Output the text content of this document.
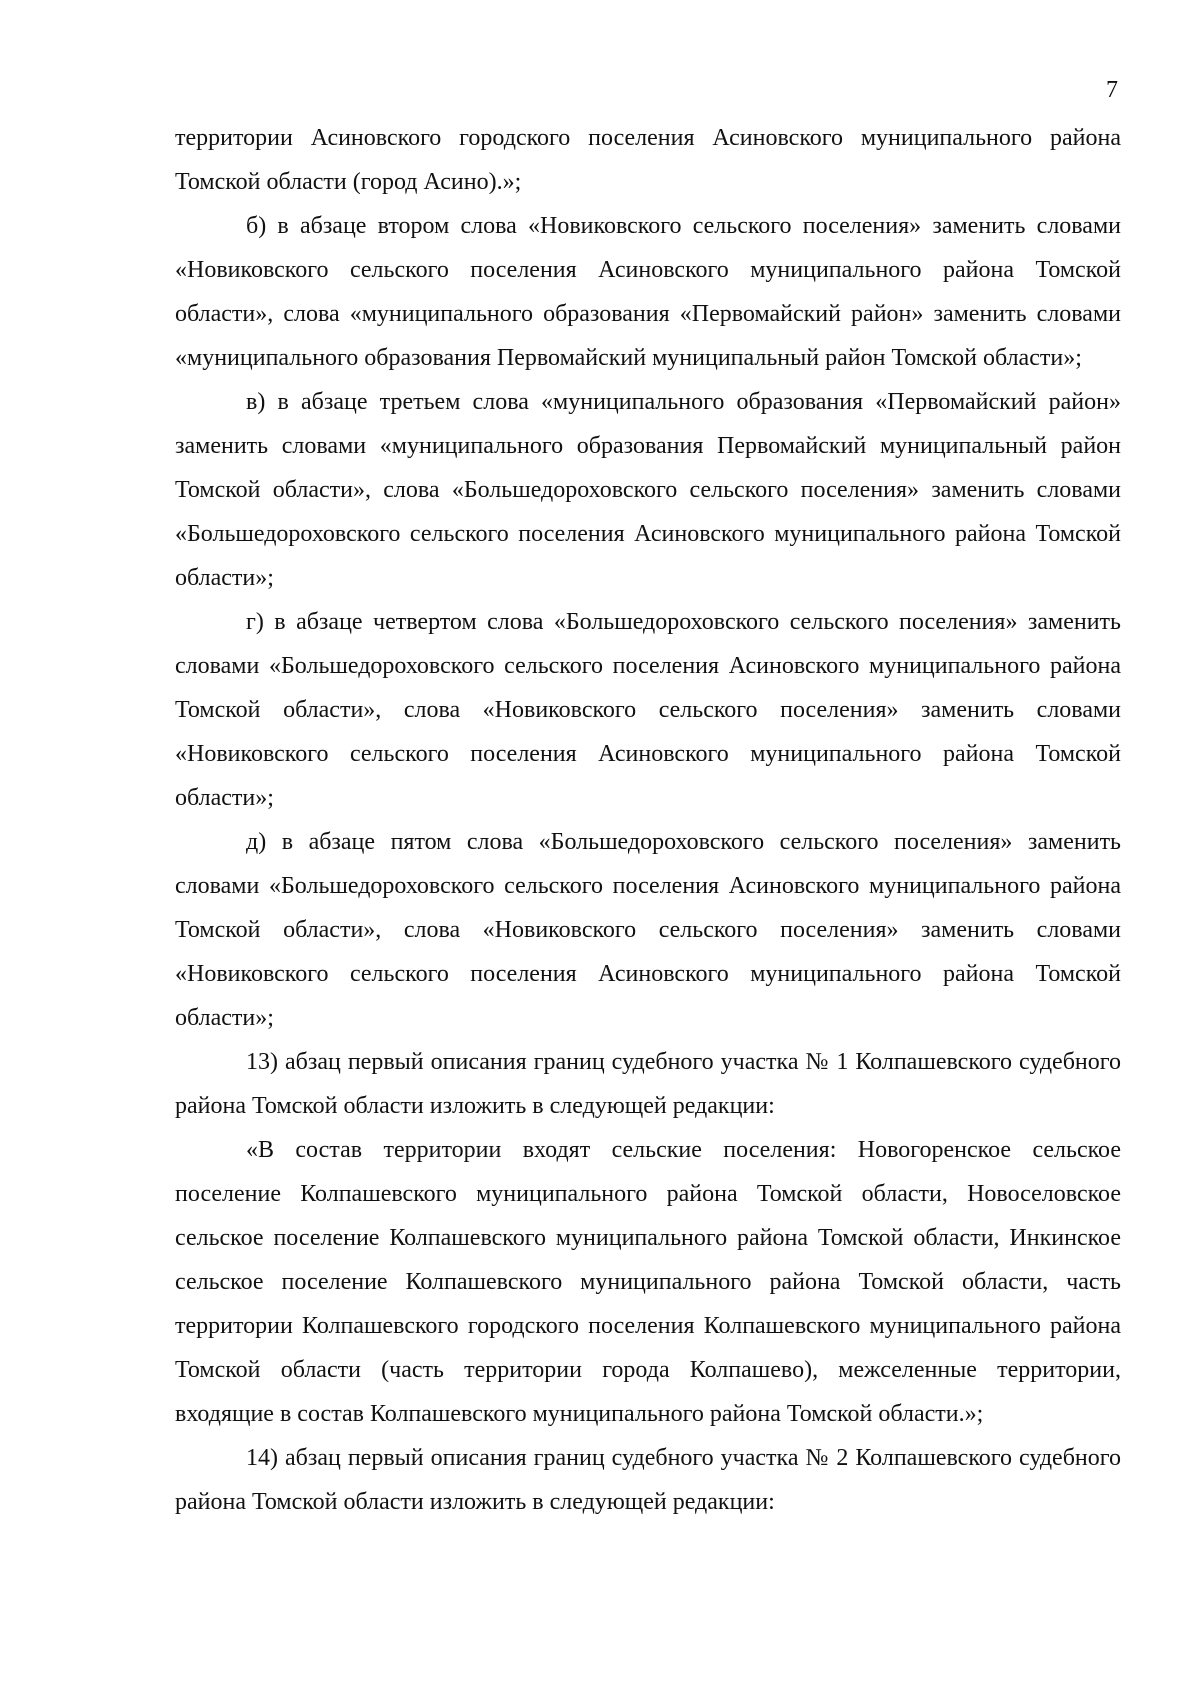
7

территории Асиновского городского поселения Асиновского муниципального района Томской области (город Асино).»;

б) в абзаце втором слова «Новиковского сельского поселения» заменить словами «Новиковского сельского поселения Асиновского муниципального района Томской области», слова «муниципального образования «Первомайский район» заменить словами «муниципального образования Первомайский муниципальный район Томской области»;

в) в абзаце третьем слова «муниципального образования «Первомайский район» заменить словами «муниципального образования Первомайский муниципальный район Томской области», слова «Большедороховского сельского поселения» заменить словами «Большедороховского сельского поселения Асиновского муниципального района Томской области»;

г) в абзаце четвертом слова «Большедороховского сельского поселения» заменить словами «Большедороховского сельского поселения Асиновского муниципального района Томской области», слова «Новиковского сельского поселения» заменить словами «Новиковского сельского поселения Асиновского муниципального района Томской области»;

д) в абзаце пятом слова «Большедороховского сельского поселения» заменить словами «Большедороховского сельского поселения Асиновского муниципального района Томской области», слова «Новиковского сельского поселения» заменить словами «Новиковского сельского поселения Асиновского муниципального района Томской области»;

13) абзац первый описания границ судебного участка № 1 Колпашевского судебного района Томской области изложить в следующей редакции:

«В состав территории входят сельские поселения: Новогоренское сельское поселение Колпашевского муниципального района Томской области, Новоселовское сельское поселение Колпашевского муниципального района Томской области, Инкинское сельское поселение Колпашевского муниципального района Томской области, часть территории Колпашевского городского поселения Колпашевского муниципального района Томской области (часть территории города Колпашево), межселенные территории, входящие в состав Колпашевского муниципального района Томской области.»;

14) абзац первый описания границ судебного участка № 2 Колпашевского судебного района Томской области изложить в следующей редакции:
